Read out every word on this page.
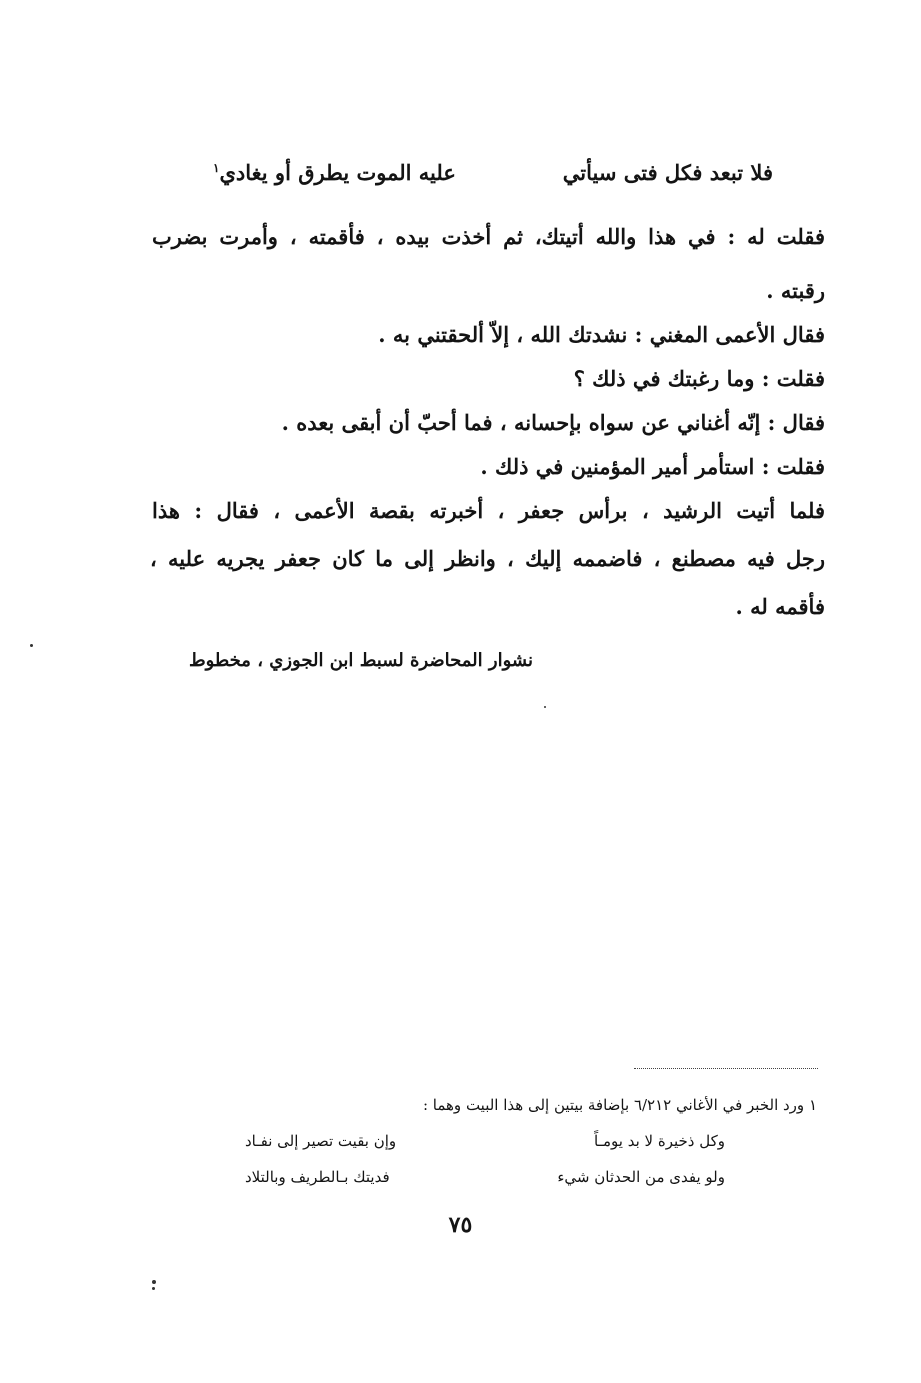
فلا تبعد فكل فتى سيأتي
عليه الموت يطرق أو يغادي$^١$
فقلت له : في هذا والله أتيتك، ثم أخذت بيده ، فأقمته ، وأمرت بضرب
رقبته .
فقال الأعمى المغني : نشدتك الله ، إلاّ ألحقتني به .
فقلت : وما رغبتك في ذلك ؟
فقال : إنّه أغناني عن سواه بإحسانه ، فما أحبّ أن أبقى بعده .
فقلت : استأمر أمير المؤمنين في ذلك .
فلما أتيت الرشيد ، برأس جعفر ، أخبرته بقصة الأعمى ، فقال : هذا
رجل فيه مصطنع ، فاضممه إليك ، وانظر إلى ما كان جعفر يجريه عليه ،
فأقمه له .
نشوار المحاضرة لسبط ابن الجوزي ، مخطوط
١ ورد الخبر في الأغاني ٦/٢١٢ بإضافة بيتين إلى هذا البيت وهما :
وكل ذخيرة لا بد يومـاً
وإن بقيت تصير إلى نفـاد
ولو يفدى من الحدثان شيء
فديتك بـالطريف وبالتلاد
٧٥
